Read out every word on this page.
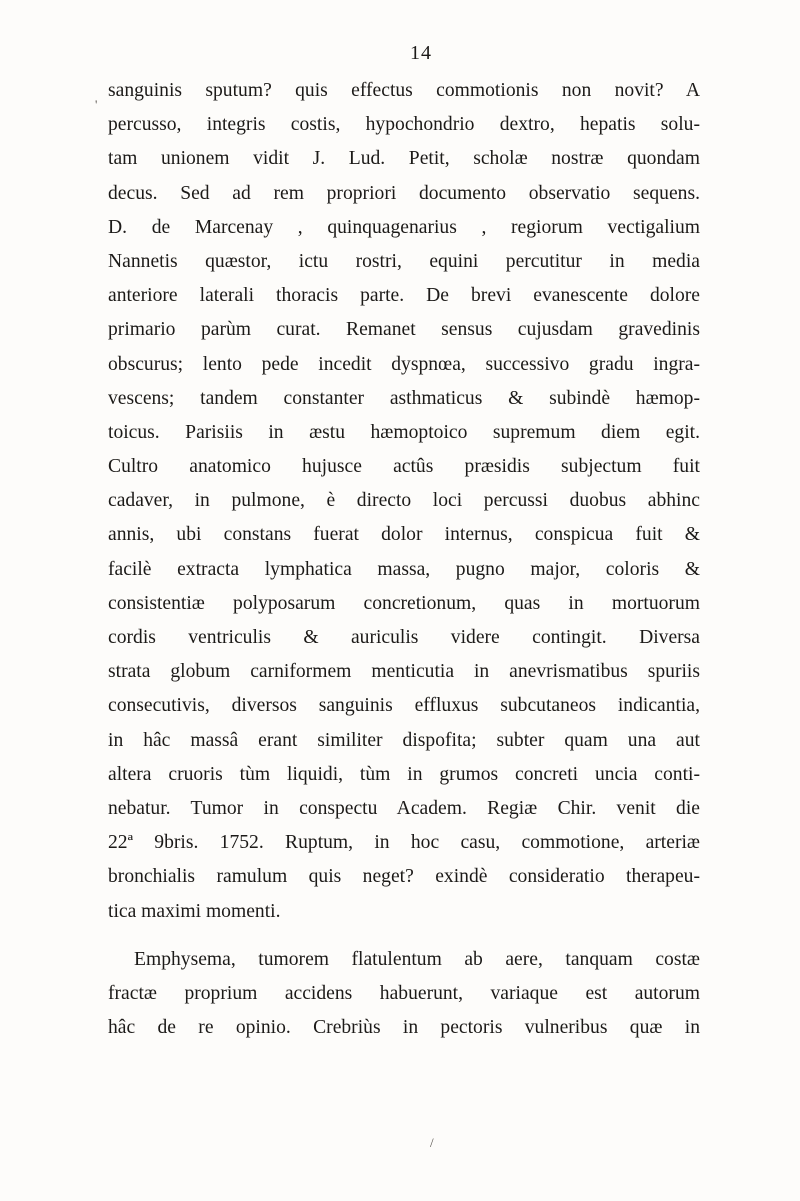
14
sanguinis sputum? quis effectus commotionis non novit? A
percusso, integris costis, hypochondrio dextro, hepatis solu-
tam unionem vidit J. Lud. Petit, scholæ nostræ quondam
decus. Sed ad rem propriori documento observatio sequens.
D. de Marcenay , quinquagenarius , regiorum vectigalium
Nannetis quæstor, ictu rostri, equini percutitur in media
anteriore laterali thoracis parte. De brevi evanescente dolore
primario parùm curat. Remanet sensus cujusdam gravedinis
obscurus; lento pede incedit dyspnœa, successivo gradu ingra-
vescens; tandem constanter asthmaticus & subindè hæmop-
toicus. Parisiis in æstu hæmoptoico supremum diem egit.
Cultro anatomico hujusce actûs præsidis subjectum fuit
cadaver, in pulmone, è directo loci percussi duobus abhinc
annis, ubi constans fuerat dolor internus, conspicua fuit &
facilè extracta lymphatica massa, pugno major, coloris &
consistentiæ polyposarum concretionum, quas in mortuorum
cordis ventriculis & auriculis videre contingit. Diversa
strata globum carniformem menticutia in anevrismatibus spuriis
consecutivis, diversos sanguinis effluxus subcutaneos indicantia,
in hâc massâ erant similiter dispofita; subter quam una aut
altera cruoris tùm liquidi, tùm in grumos concreti uncia conti-
nebatur. Tumor in conspectu Academ. Regiæ Chir. venit die
22ª 9bris. 1752. Ruptum, in hoc casu, commotione, arteriæ
bronchialis ramulum quis neget? exindè consideratio therapeu-
tica maximi momenti.
Emphysema, tumorem flatulentum ab aere, tanquam costæ
fractæ proprium accidens habuerunt, variaque est autorum
hâc de re opinio. Crebriùs in pectoris vulneribus quæ in
'
/
